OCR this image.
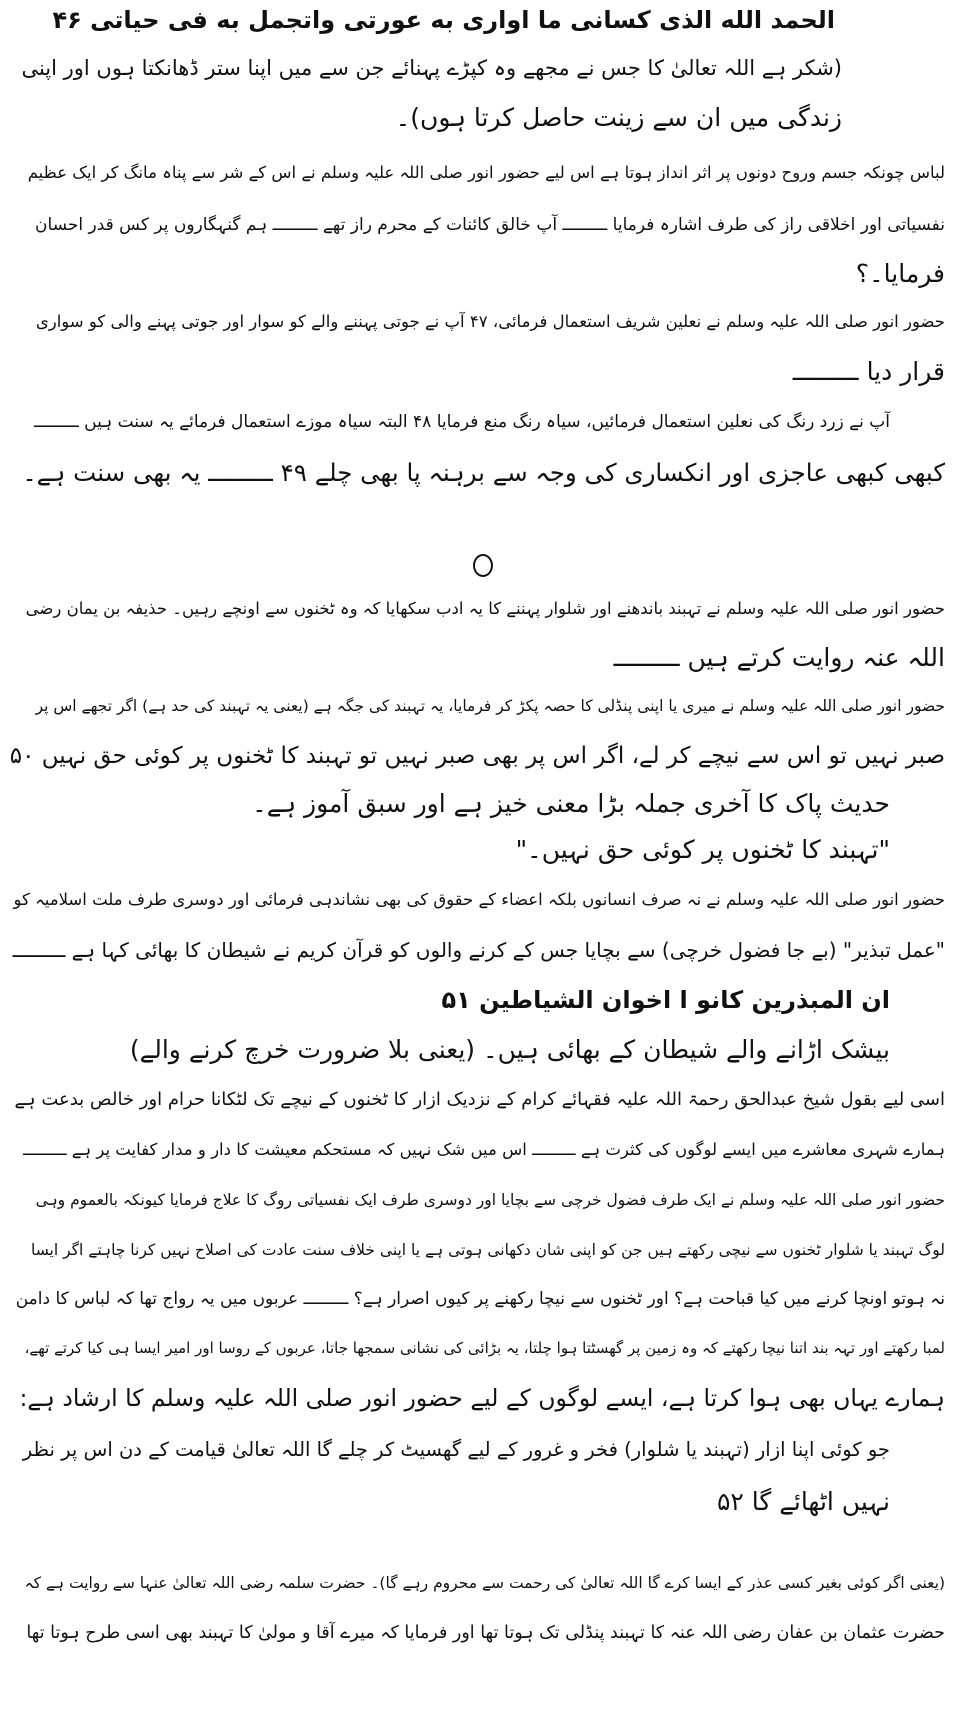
الحمد الله الذی کسانی ما اواری به عورتی واتجمل به فی حیاتی ۴۶
(شکر ہے اللہ تعالیٰ کا جس نے مجھے وہ کپڑے پہنائے جن سے میں اپنا ستر ڈھانکتا ہوں اور اپنی
زندگی میں ان سے زینت حاصل کرتا ہوں)۔
لباس چونکہ جسم وروح دونوں پر اثر انداز ہوتا ہے اس لیے حضور انور صلی اللہ علیہ وسلم نے اس کے شر سے پناہ مانگ کر ایک عظیم
نفسیاتی اور اخلاقی راز کی طرف اشارہ فرمایا ـــــــــ آپ خالق کائنات کے محرم راز تھے ـــــــــ ہم گنہگاروں پر کس قدر احسان
فرمایا۔؟
حضور انور صلی اللہ علیہ وسلم نے نعلین شریف استعمال فرمائی، ۴۷ آپ نے جوتی پہننے والے کو سوار اور جوتی پہنے والی کو سواری
قرار دیا ـــــــــ
آپ نے زرد رنگ کی نعلین استعمال فرمائیں، سیاہ رنگ منع فرمایا ۴۸ البتہ سیاہ موزے استعمال فرمائے یہ سنت ہیں ـــــــــ
کبھی کبھی عاجزی اور انکساری کی وجہ سے برہنہ پا بھی چلے ۴۹ ـــــــــ یہ بھی سنت ہے۔
حضور انور صلی اللہ علیہ وسلم نے تہبند باندھنے اور شلوار پہننے کا یہ ادب سکھایا کہ وہ ٹخنوں سے اونچے رہیں۔ حذیفہ بن یمان رضی
اللہ عنہ روایت کرتے ہیں ـــــــــ
حضور انور صلی اللہ علیہ وسلم نے میری یا اپنی پنڈلی کا حصہ پکڑ کر فرمایا، یہ تہبند کی جگہ ہے (یعنی یہ تہبند کی حد ہے) اگر تجھے اس پر
صبر نہیں تو اس سے نیچے کر لے، اگر اس پر بھی صبر نہیں تو تہبند کا ٹخنوں پر کوئی حق نہیں ۵۰
حدیث پاک کا آخری جملہ بڑا معنی خیز ہے اور سبق آموز ہے۔
"تہبند کا ٹخنوں پر کوئی حق نہیں۔"
حضور انور صلی اللہ علیہ وسلم نے نہ صرف انسانوں بلکہ اعضاء کے حقوق کی بھی نشاندہی فرمائی اور دوسری طرف ملت اسلامیہ کو
"عمل تبذیر" (بے جا فضول خرچی) سے بچایا جس کے کرنے والوں کو قرآن کریم نے شیطان کا بھائی کہا ہے ـــــــــ
ان المبذرین کانو ا اخوان الشیاطین ۵۱
بیشک اڑانے والے شیطان کے بھائی ہیں۔ (یعنی بلا ضرورت خرچ کرنے والے)
اسی لیے بقول شیخ عبدالحق رحمۃ اللہ علیہ فقہائے کرام کے نزدیک ازار کا ٹخنوں کے نیچے تک لٹکانا حرام اور خالص بدعت ہے
ہمارے شہری معاشرے میں ایسے لوگوں کی کثرت ہے ـــــــــ اس میں شک نہیں کہ مستحکم معیشت کا دار و مدار کفایت پر ہے ـــــــــ
حضور انور صلی اللہ علیہ وسلم نے ایک طرف فضول خرچی سے بچایا اور دوسری طرف ایک نفسیاتی روگ کا علاج فرمایا کیونکہ بالعموم وہی
لوگ تہبند یا شلوار ٹخنوں سے نیچی رکھتے ہیں جن کو اپنی شان دکھانی ہوتی ہے یا اپنی خلاف سنت عادت کی اصلاح نہیں کرنا چاہتے اگر ایسا
نہ ہوتو اونچا کرنے میں کیا قباحت ہے؟ اور ٹخنوں سے نیچا رکھنے پر کیوں اصرار ہے؟ ـــــــــ عربوں میں یہ رواج تھا کہ لباس کا دامن
لمبا رکھتے اور تہہ بند اتنا نیچا رکھتے کہ وہ زمین پر گھسٹتا ہوا چلتا، یہ بڑائی کی نشانی سمجھا جاتا، عربوں کے روسا اور امیر ایسا ہی کیا کرتے تھے،
ہمارے یہاں بھی ہوا کرتا ہے، ایسے لوگوں کے لیے حضور انور صلی اللہ علیہ وسلم کا ارشاد ہے:
جو کوئی اپنا ازار (تہبند یا شلوار) فخر و غرور کے لیے گھسیٹ کر چلے گا اللہ تعالیٰ قیامت کے دن اس پر نظر
نہیں اٹھائے گا ۵۲
(یعنی اگر کوئی بغیر کسی عذر کے ایسا کرے گا اللہ تعالیٰ کی رحمت سے محروم رہے گا)۔ حضرت سلمہ رضی اللہ تعالیٰ عنہا سے روایت ہے کہ
حضرت عثمان بن عفان رضی اللہ عنہ کا تہبند پنڈلی تک ہوتا تھا اور فرمایا کہ میرے آقا و مولیٰ کا تہبند بھی اسی طرح ہوتا تھا
